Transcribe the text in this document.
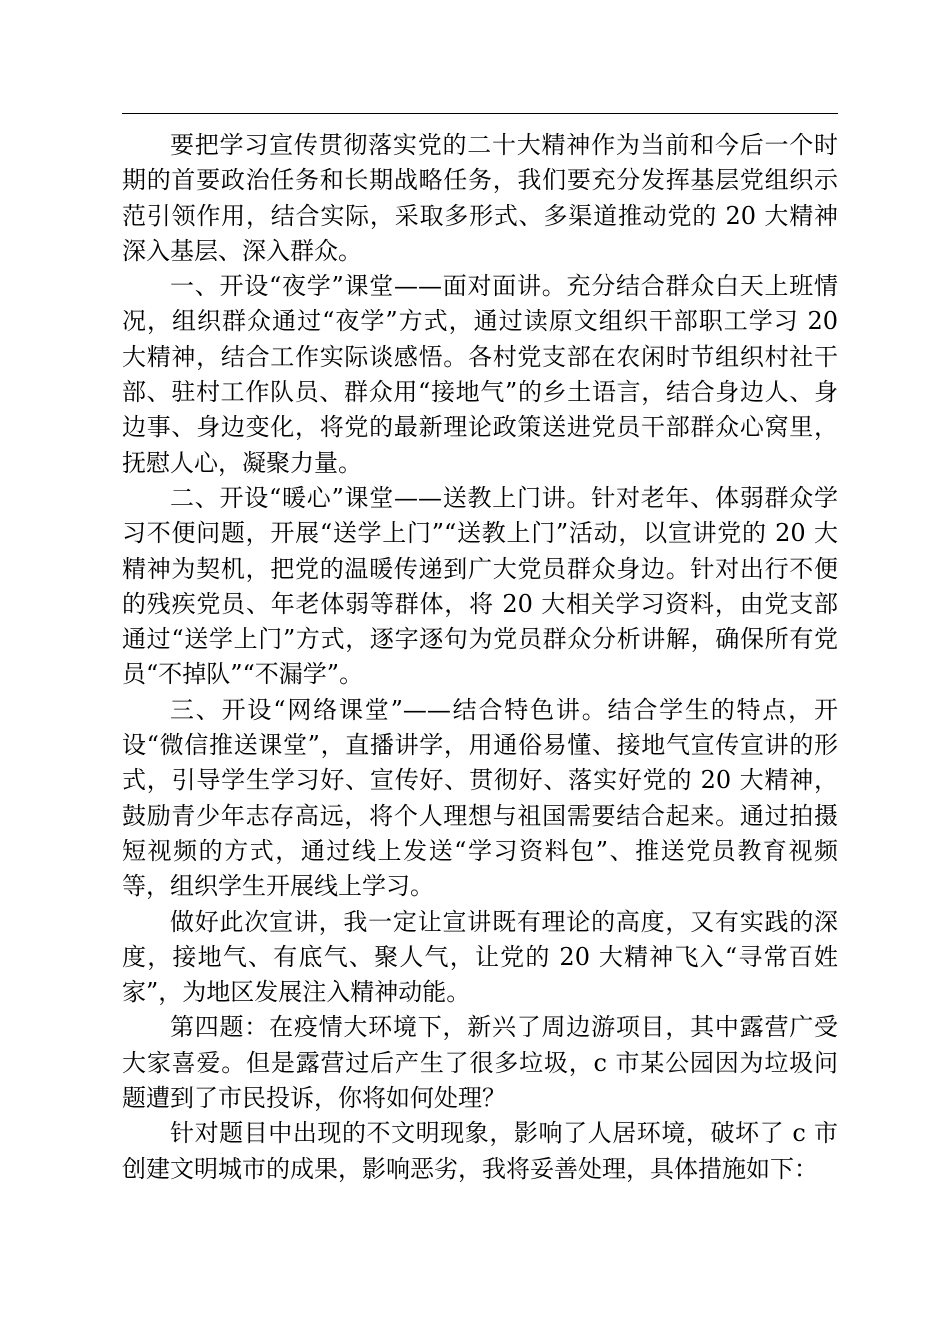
要把学习宣传贯彻落实党的二十大精神作为当前和今后一个时期的首要政治任务和长期战略任务，我们要充分发挥基层党组织示范引领作用，结合实际，采取多形式、多渠道推动党的 20 大精神深入基层、深入群众。

一、开设“夜学”课堂——面对面讲。充分结合群众白天上班情况，组织群众通过“夜学”方式，通过读原文组织干部职工学习 20 大精神，结合工作实际谈感悟。各村党支部在农闲时节组织村社干部、驻村工作队员、群众用“接地气”的乡土语言，结合身边人、身边事、身边变化，将党的最新理论政策送进党员干部群众心窝里，抚慰人心，凝聚力量。

二、开设“暖心”课堂——送教上门讲。针对老年、体弱群众学习不便问题，开展“送学上门”“送教上门”活动，以宣讲党的 20 大精神为契机，把党的温暖传递到广大党员群众身边。针对出行不便的残疾党员、年老体弱等群体，将 20 大相关学习资料，由党支部通过“送学上门”方式，逐字逐句为党员群众分析讲解，确保所有党员“不掉队”“不漏学”。

三、开设“网络课堂”——结合特色讲。结合学生的特点，开设“微信推送课堂”，直播讲学，用通俗易懂、接地气宣传宣讲的形式，引导学生学习好、宣传好、贯彻好、落实好党的 20 大精神，鼓励青少年志存高远，将个人理想与祖国需要结合起来。通过拍摄短视频的方式，通过线上发送“学习资料包”、推送党员教育视频等，组织学生开展线上学习。

做好此次宣讲，我一定让宣讲既有理论的高度，又有实践的深度，接地气、有底气、聚人气，让党的 20 大精神飞入“寻常百姓家”，为地区发展注入精神动能。

第四题：在疫情大环境下，新兴了周边游项目，其中露营广受大家喜爱。但是露营过后产生了很多垃圾，c 市某公园因为垃圾问题遭到了市民投诉，你将如何处理？

针对题目中出现的不文明现象，影响了人居环境，破坏了 c 市创建文明城市的成果，影响恶劣，我将妥善处理，具体措施如下：
